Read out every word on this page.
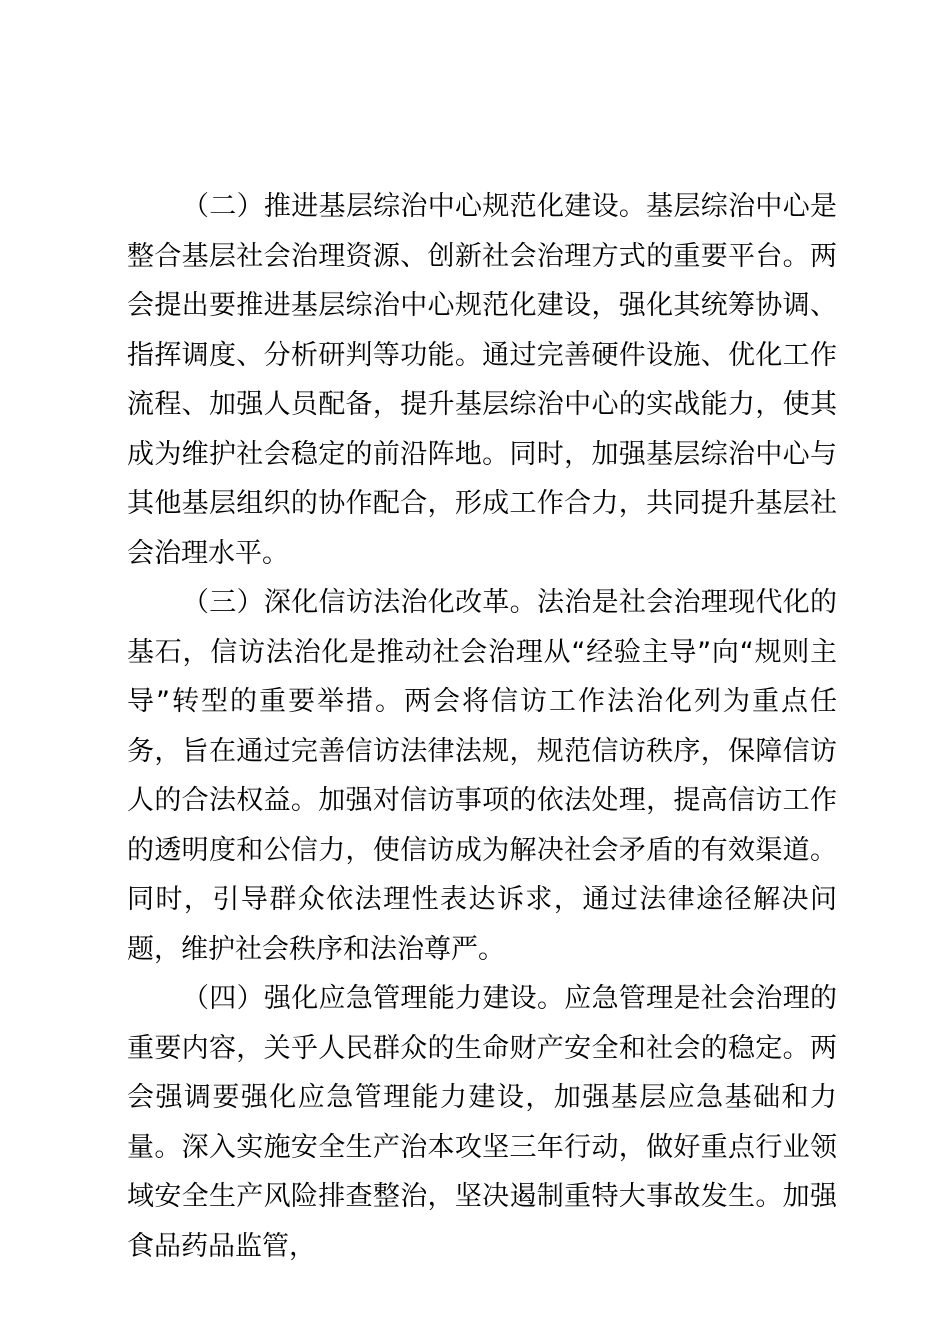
（二）推进基层综治中心规范化建设。基层综治中心是整合基层社会治理资源、创新社会治理方式的重要平台。两会提出要推进基层综治中心规范化建设，强化其统筹协调、指挥调度、分析研判等功能。通过完善硬件设施、优化工作流程、加强人员配备，提升基层综治中心的实战能力，使其成为维护社会稳定的前沿阵地。同时，加强基层综治中心与其他基层组织的协作配合，形成工作合力，共同提升基层社会治理水平。

（三）深化信访法治化改革。法治是社会治理现代化的基石，信访法治化是推动社会治理从“经验主导”向“规则主导”转型的重要举措。两会将信访工作法治化列为重点任务，旨在通过完善信访法律法规，规范信访秩序，保障信访人的合法权益。加强对信访事项的依法处理，提高信访工作的透明度和公信力，使信访成为解决社会矛盾的有效渠道。同时，引导群众依法理性表达诉求，通过法律途径解决问题，维护社会秩序和法治尊严。

（四）强化应急管理能力建设。应急管理是社会治理的重要内容，关乎人民群众的生命财产安全和社会的稳定。两会强调要强化应急管理能力建设，加强基层应急基础和力量。深入实施安全生产治本攻坚三年行动，做好重点行业领域安全生产风险排查整治，坚决遏制重特大事故发生。加强食品药品监管，
